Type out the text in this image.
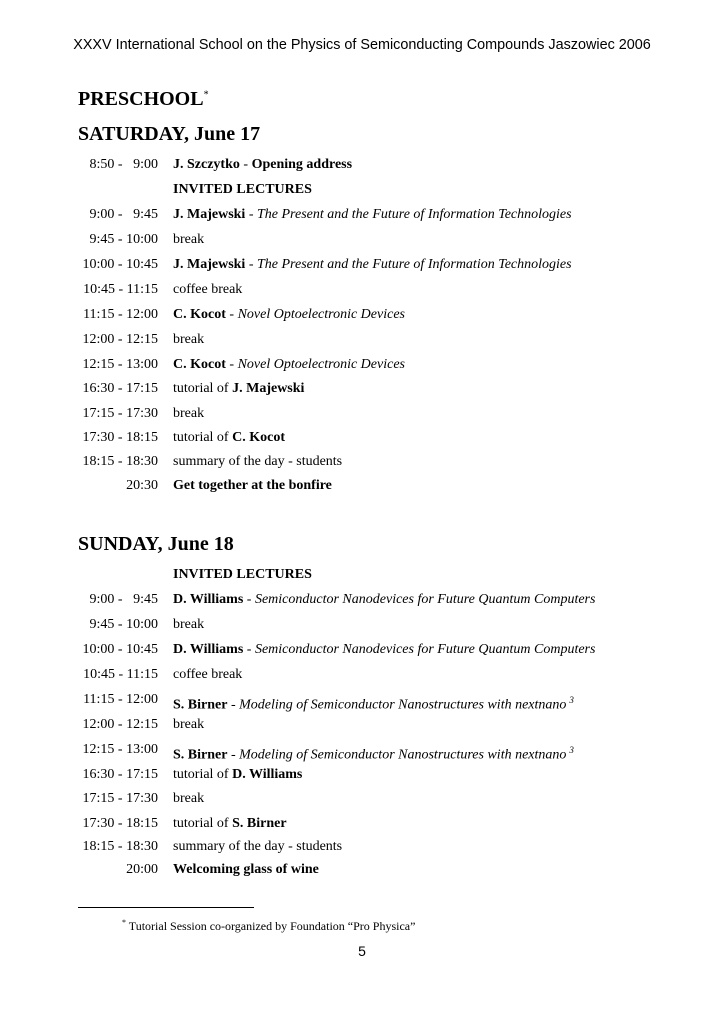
XXXV International School on the Physics of Semiconducting Compounds Jaszowiec 2006
PRESCHOOL*
SATURDAY, June 17
8:50 -   9:00 J. Szczytko - Opening address
INVITED LECTURES
9:00 -   9:45 J. Majewski - The Present and the Future of Information Technologies
9:45 - 10:00 break
10:00 - 10:45 J. Majewski - The Present and the Future of Information Technologies
10:45 - 11:15 coffee break
11:15 - 12:00 C. Kocot - Novel Optoelectronic Devices
12:00 - 12:15 break
12:15 - 13:00 C. Kocot - Novel Optoelectronic Devices
16:30 - 17:15 tutorial of J. Majewski
17:15 - 17:30 break
17:30 - 18:15 tutorial of C. Kocot
18:15 - 18:30 summary of the day - students
20:30 Get together at the bonfire
SUNDAY, June 18
INVITED LECTURES
9:00 -   9:45 D. Williams - Semiconductor Nanodevices for Future Quantum Computers
9:45 - 10:00 break
10:00 - 10:45 D. Williams - Semiconductor Nanodevices for Future Quantum Computers
10:45 - 11:15 coffee break
11:15 - 12:00 S. Birner - Modeling of Semiconductor Nanostructures with nextnano $^3$
12:00 - 12:15 break
12:15 - 13:00 S. Birner - Modeling of Semiconductor Nanostructures with nextnano $^3$
16:30 - 17:15 tutorial of D. Williams
17:15 - 17:30 break
17:30 - 18:15 tutorial of S. Birner
18:15 - 18:30 summary of the day - students
20:00 Welcoming glass of wine
* Tutorial Session co-organized by Foundation “Pro Physica”
5
